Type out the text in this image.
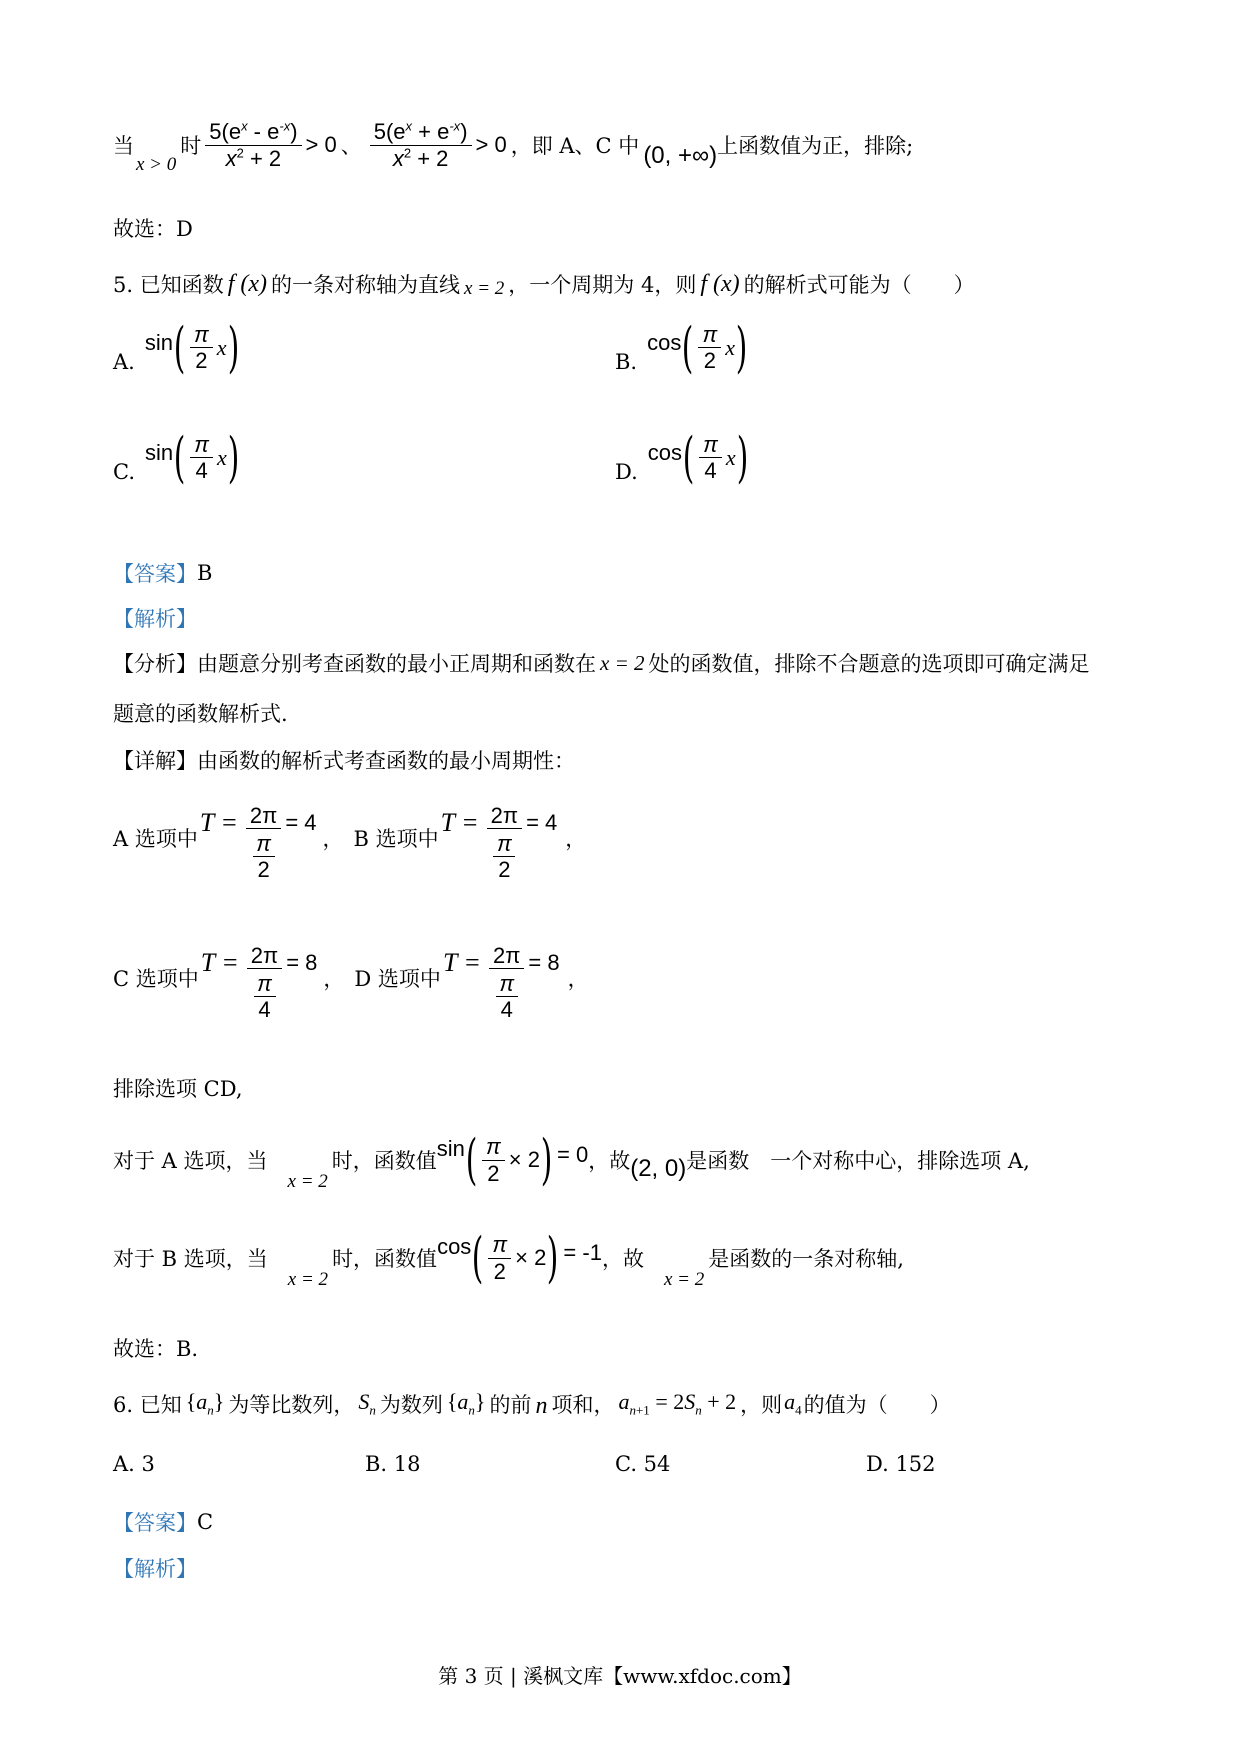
当
x > 0
时 $\frac{5(e^x - e^{-x})}{x^2 + 2} > 0$ 、 $\frac{5(e^x + e^{-x})}{x^2 + 2} > 0$ ，即 A、C 中 (0, +∞) 上函数值为正，排除;
故选：D
5. 已知函数 f (x) 的一条对称轴为直线 x = 2 ，一个周期为 4，则 f (x) 的解析式可能为（　　）
A.
sin ( $\frac{\pi}{2}$ x )	B.
cos ( $\frac{\pi}{2}$ x )
C.
sin ( $\frac{\pi}{4}$ x )	D.
cos ( $\frac{\pi}{4}$ x )
【答案】 B
【解析】
【分析】 由题意分别考查函数的最小正周期和函数在 x = 2 处的函数值，排除不合题意的选项即可确定满足
题意的函数解析式.
【详解】 由函数的解析式考查函数的最小周期性：
A 选项中
$T = \frac{2\pi}{\frac{\pi}{2}} = 4$
， B 选项中
$T = \frac{2\pi}{\frac{\pi}{2}} = 4$
，
C 选项中
$T = \frac{2\pi}{\frac{\pi}{4}} = 8$
， D 选项中
$T = \frac{2\pi}{\frac{\pi}{4}} = 8$
，
排除选项 CD,
对于 A 选项，当
x = 2
时，函数值 sin ( $\frac{\pi}{2} \times 2$ ) = 0 ，故 (2, 0) 是函数　一个对称中心，排除选项 A,
对于 B 选项，当
x = 2
时，函数值 cos ( $\frac{\pi}{2} \times 2$ ) = -1 ，故
x = 2
是函数的一条对称轴,
故选：B.
6. 已知 $\{a_n\}$ 为等比数列， $S_n$ 为数列 $\{a_n\}$ 的前 n 项和， $a_{n+1} = 2S_n + 2$ ，则 $a_4$ 的值为（　　）
A. 3	B. 18	C. 54	D. 152
【答案】 C
【解析】
第 3 页 | 溪枫文库【www.xfdoc.com】
